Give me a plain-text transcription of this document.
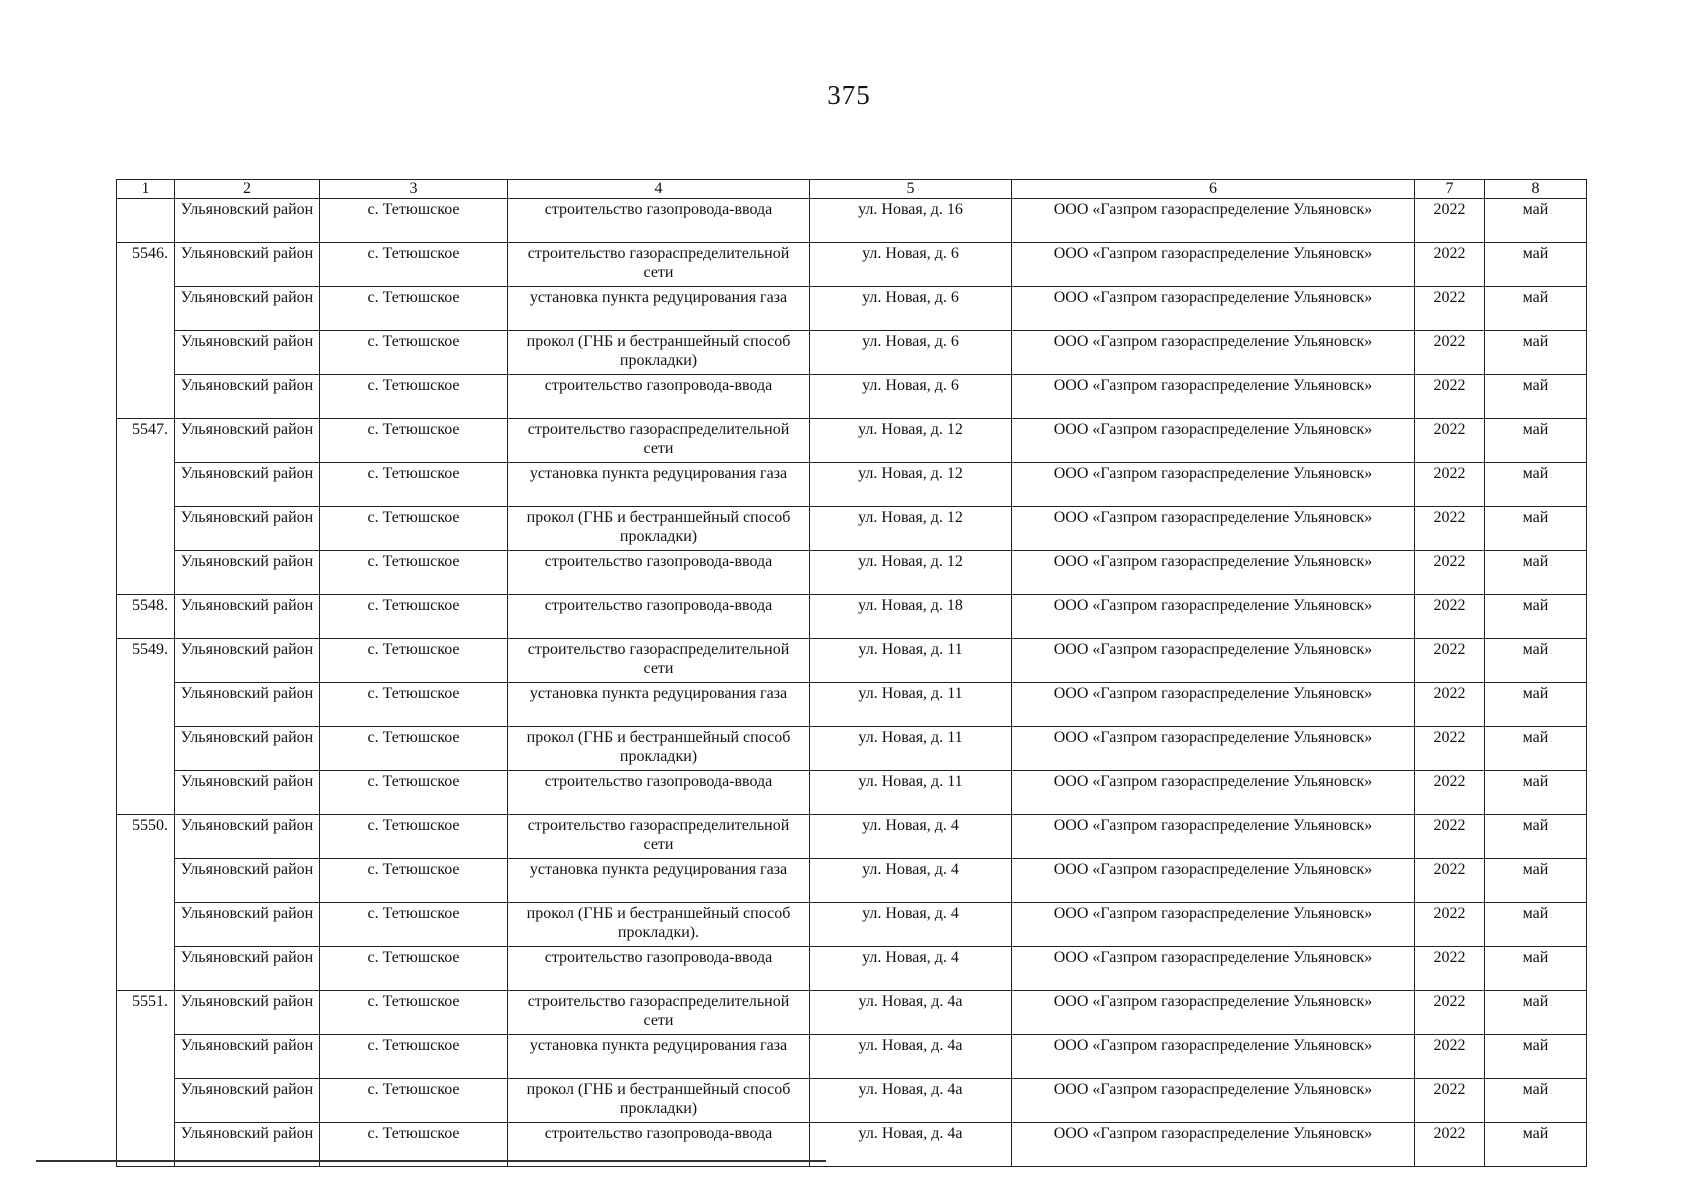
375
1	2	3	4	5	6	7	8
	Ульяновский район	с. Тетюшское	строительство газопровода-ввода	ул. Новая, д. 16	ООО «Газпром газораспределение Ульяновск»	2022	май
5546.	Ульяновский район	с. Тетюшское	строительство газораспределительной сети	ул. Новая, д. 6	ООО «Газпром газораспределение Ульяновск»	2022	май
	Ульяновский район	с. Тетюшское	установка пункта редуцирования газа	ул. Новая, д. 6	ООО «Газпром газораспределение Ульяновск»	2022	май
	Ульяновский район	с. Тетюшское	прокол (ГНБ и бестраншейный способ прокладки)	ул. Новая, д. 6	ООО «Газпром газораспределение Ульяновск»	2022	май
	Ульяновский район	с. Тетюшское	строительство газопровода-ввода	ул. Новая, д. 6	ООО «Газпром газораспределение Ульяновск»	2022	май
5547.	Ульяновский район	с. Тетюшское	строительство газораспределительной сети	ул. Новая, д. 12	ООО «Газпром газораспределение Ульяновск»	2022	май
	Ульяновский район	с. Тетюшское	установка пункта редуцирования газа	ул. Новая, д. 12	ООО «Газпром газораспределение Ульяновск»	2022	май
	Ульяновский район	с. Тетюшское	прокол (ГНБ и бестраншейный способ прокладки)	ул. Новая, д. 12	ООО «Газпром газораспределение Ульяновск»	2022	май
	Ульяновский район	с. Тетюшское	строительство газопровода-ввода	ул. Новая, д. 12	ООО «Газпром газораспределение Ульяновск»	2022	май
5548.	Ульяновский район	с. Тетюшское	строительство газопровода-ввода	ул. Новая, д. 18	ООО «Газпром газораспределение Ульяновск»	2022	май
5549.	Ульяновский район	с. Тетюшское	строительство газораспределительной сети	ул. Новая, д. 11	ООО «Газпром газораспределение Ульяновск»	2022	май
	Ульяновский район	с. Тетюшское	установка пункта редуцирования газа	ул. Новая, д. 11	ООО «Газпром газораспределение Ульяновск»	2022	май
	Ульяновский район	с. Тетюшское	прокол (ГНБ и бестраншейный способ прокладки)	ул. Новая, д. 11	ООО «Газпром газораспределение Ульяновск»	2022	май
	Ульяновский район	с. Тетюшское	строительство газопровода-ввода	ул. Новая, д. 11	ООО «Газпром газораспределение Ульяновск»	2022	май
5550.	Ульяновский район	с. Тетюшское	строительство газораспределительной сети	ул. Новая, д. 4	ООО «Газпром газораспределение Ульяновск»	2022	май
	Ульяновский район	с. Тетюшское	установка пункта редуцирования газа	ул. Новая, д. 4	ООО «Газпром газораспределение Ульяновск»	2022	май
	Ульяновский район	с. Тетюшское	прокол (ГНБ и бестраншейный способ прокладки).	ул. Новая, д. 4	ООО «Газпром газораспределение Ульяновск»	2022	май
	Ульяновский район	с. Тетюшское	строительство газопровода-ввода	ул. Новая, д. 4	ООО «Газпром газораспределение Ульяновск»	2022	май
5551.	Ульяновский район	с. Тетюшское	строительство газораспределительной сети	ул. Новая, д. 4а	ООО «Газпром газораспределение Ульяновск»	2022	май
	Ульяновский район	с. Тетюшское	установка пункта редуцирования газа	ул. Новая, д. 4а	ООО «Газпром газораспределение Ульяновск»	2022	май
	Ульяновский район	с. Тетюшское	прокол (ГНБ и бестраншейный способ прокладки)	ул. Новая, д. 4а	ООО «Газпром газораспределение Ульяновск»	2022	май
	Ульяновский район	с. Тетюшское	строительство газопровода-ввода	ул. Новая, д. 4а	ООО «Газпром газораспределение Ульяновск»	2022	май
